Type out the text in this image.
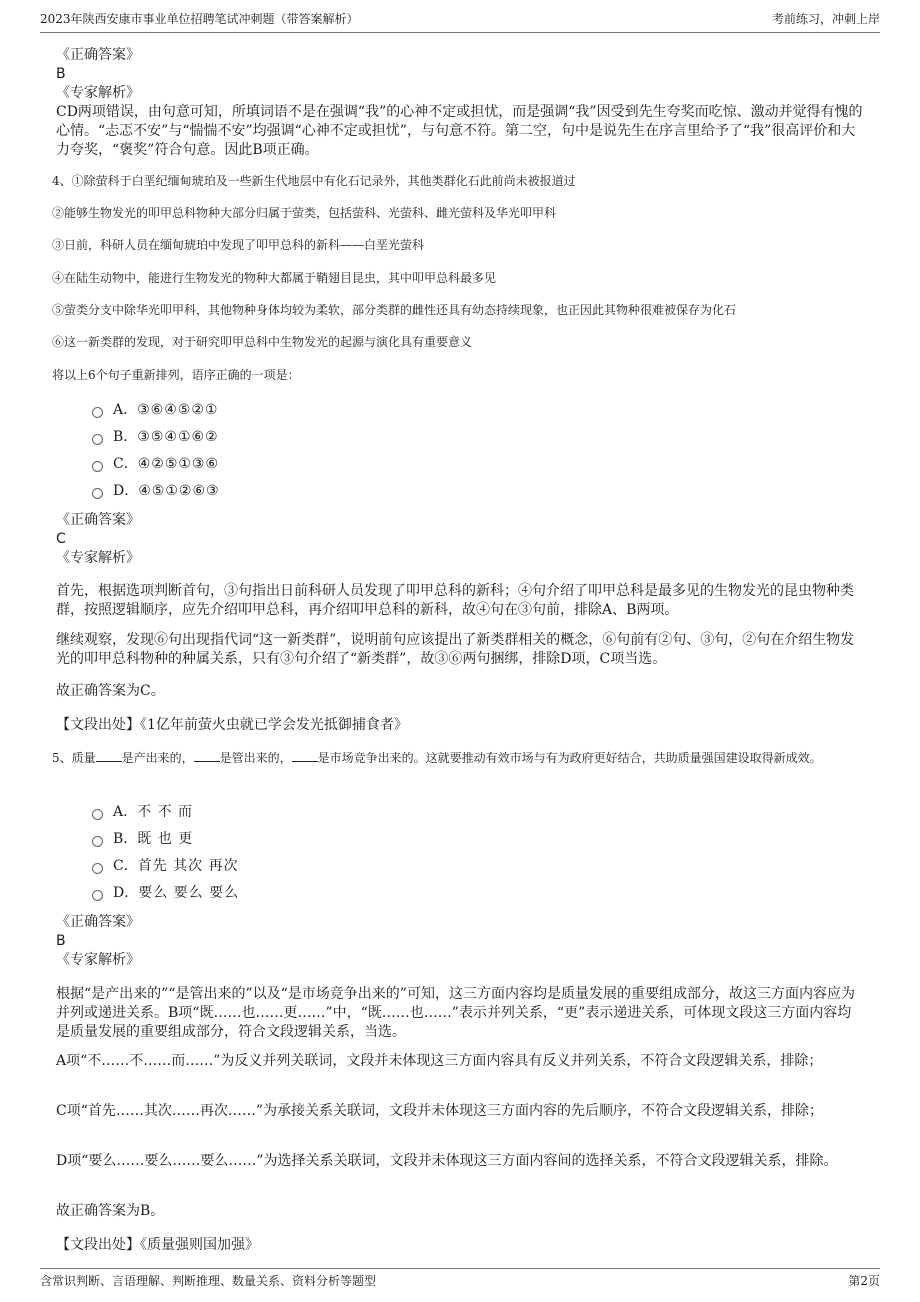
2023年陕西安康市事业单位招聘笔试冲刺题（带答案解析）	考前练习，冲刺上岸
《正确答案》
B
《专家解析》
CD两项错误，由句意可知，所填词语不是在强调“我”的心神不定或担忧，而是强调“我”因受到先生夸奖而吃惊、激动并觉得有愧的心情。“忐忑不安”与“惴惴不安”均强调“心神不定或担忧”，与句意不符。第二空，句中是说先生在序言里给予了“我”很高评价和大力夸奖，“褒奖”符合句意。因此B项正确。
4、①除萤科于白垩纪缅甸琥珀及一些新生代地层中有化石记录外，其他类群化石此前尚未被报道过
②能够生物发光的叩甲总科物种大部分归属于萤类，包括萤科、光萤科、雌光萤科及华光叩甲科
③日前，科研人员在缅甸琥珀中发现了叩甲总科的新科——白垩光萤科
④在陆生动物中，能进行生物发光的物种大都属于鞘翅目昆虫，其中叩甲总科最多见
⑤萤类分支中除华光叩甲科，其他物种身体均较为柔软，部分类群的雌性还具有幼态持续现象，也正因此其物种很难被保存为化石
⑥这一新类群的发现，对于研究叩甲总科中生物发光的起源与演化具有重要意义
将以上6个句子重新排列，语序正确的一项是：
A． ③⑥④⑤②①
B． ③⑤④①⑥②
C． ④②⑤①③⑥
D． ④⑤①②⑥③
《正确答案》
C
《专家解析》
首先，根据选项判断首句，③句指出日前科研人员发现了叩甲总科的新科；④句介绍了叩甲总科是最多见的生物发光的昆虫物种类群，按照逻辑顺序，应先介绍叩甲总科，再介绍叩甲总科的新科，故④句在③句前，排除A、B两项。
继续观察，发现⑥句出现指代词“这一新类群”，说明前句应该提出了新类群相关的概念，⑥句前有②句、③句，②句在介绍生物发光的叩甲总科物种的种属关系，只有③句介绍了“新类群”，故③⑥两句捆绑，排除D项，C项当选。
故正确答案为C。
【文段出处】《1亿年前萤火虫就已学会发光抵御捕食者》
5、质量 是产出来的， 是管出来的， 是市场竞争出来的。这就要推动有效市场与有为政府更好结合，共助质量强国建设取得新成效。
A． 不 不 而
B． 既 也 更
C． 首先 其次 再次
D． 要么 要么 要么
《正确答案》
B
《专家解析》
根据“是产出来的”“是管出来的”以及“是市场竞争出来的”可知，这三方面内容均是质量发展的重要组成部分，故这三方面内容应为并列或递进关系。B项“既……也……更……”中，“既……也……”表示并列关系，“更”表示递进关系，可体现文段这三方面内容均是质量发展的重要组成部分，符合文段逻辑关系，当选。
A项“不……不……而……”为反义并列关联词，文段并未体现这三方面内容具有反义并列关系，不符合文段逻辑关系，排除；
C项“首先……其次……再次……”为承接关系关联词，文段并未体现这三方面内容的先后顺序，不符合文段逻辑关系，排除；
D项“要么……要么……要么……”为选择关系关联词，文段并未体现这三方面内容间的选择关系，不符合文段逻辑关系，排除。
故正确答案为B。
【文段出处】《质量强则国加强》
含常识判断、言语理解、判断推理、数量关系、资料分析等题型	第2页
